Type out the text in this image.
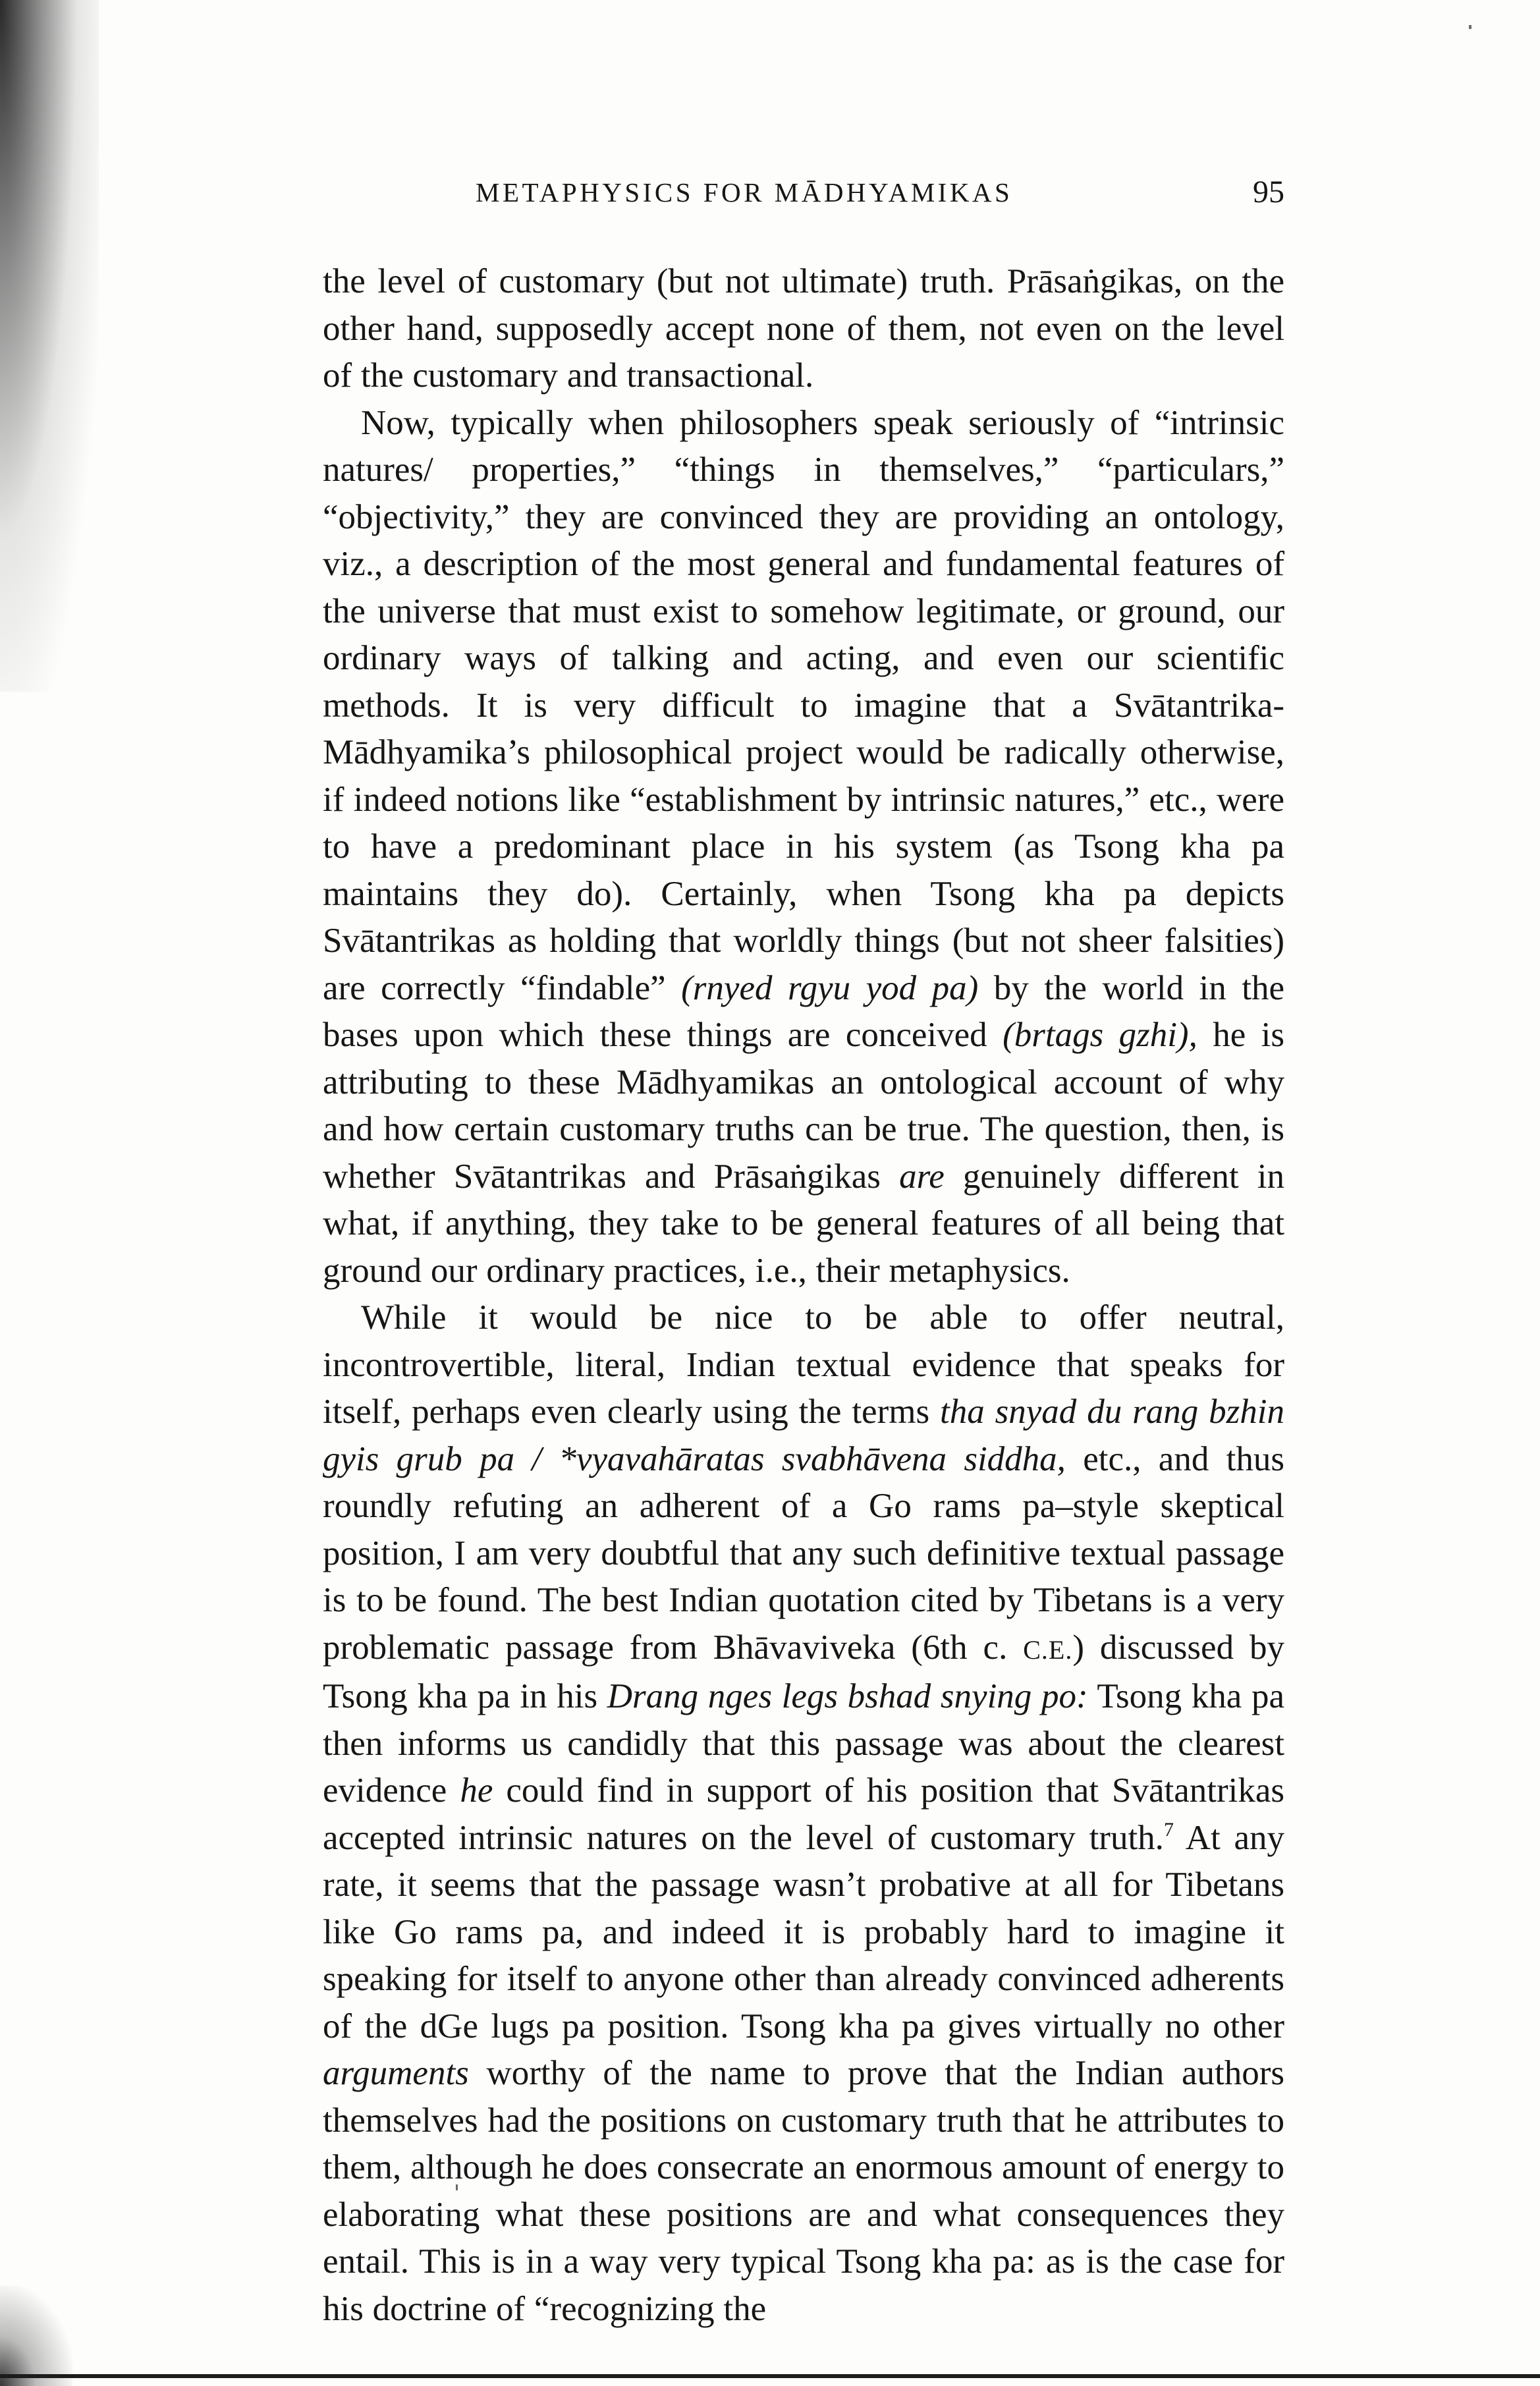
METAPHYSICS FOR MĀDHYAMIKAS	95

the level of customary (but not ultimate) truth. Prāsaṅgikas, on the other hand, supposedly accept none of them, not even on the level of the customary and transactional.

Now, typically when philosophers speak seriously of “intrinsic natures/ properties,” “things in themselves,” “particulars,” “objectivity,” they are convinced they are providing an ontology, viz., a description of the most general and fundamental features of the universe that must exist to somehow legitimate, or ground, our ordinary ways of talking and acting, and even our scientific methods. It is very difficult to imagine that a Svātantrika-Mādhyamika’s philosophical project would be radically otherwise, if indeed notions like “establishment by intrinsic natures,” etc., were to have a predominant place in his system (as Tsong kha pa maintains they do). Certainly, when Tsong kha pa depicts Svātantrikas as holding that worldly things (but not sheer falsities) are correctly “findable” (rnyed rgyu yod pa) by the world in the bases upon which these things are conceived (brtags gzhi), he is attributing to these Mādhyamikas an ontological account of why and how certain customary truths can be true. The question, then, is whether Svātantrikas and Prāsaṅgikas are genuinely different in what, if anything, they take to be general features of all being that ground our ordinary practices, i.e., their metaphysics.

While it would be nice to be able to offer neutral, incontrovertible, literal, Indian textual evidence that speaks for itself, perhaps even clearly using the terms tha snyad du rang bzhin gyis grub pa / *vyavahāratas svabhāvena siddha, etc., and thus roundly refuting an adherent of a Go rams pa–style skeptical position, I am very doubtful that any such definitive textual passage is to be found. The best Indian quotation cited by Tibetans is a very problematic passage from Bhāvaviveka (6th c. C.E.) discussed by Tsong kha pa in his Drang nges legs bshad snying po: Tsong kha pa then informs us candidly that this passage was about the clearest evidence he could find in support of his position that Svātantrikas accepted intrinsic natures on the level of customary truth.$^7$ At any rate, it seems that the passage wasn’t probative at all for Tibetans like Go rams pa, and indeed it is probably hard to imagine it speaking for itself to anyone other than already convinced adherents of the dGe lugs pa position. Tsong kha pa gives virtually no other arguments worthy of the name to prove that the Indian authors themselves had the positions on customary truth that he attributes to them, although he does consecrate an enormous amount of energy to elaborating what these positions are and what consequences they entail. This is in a way very typical Tsong kha pa: as is the case for his doctrine of “recognizing the
